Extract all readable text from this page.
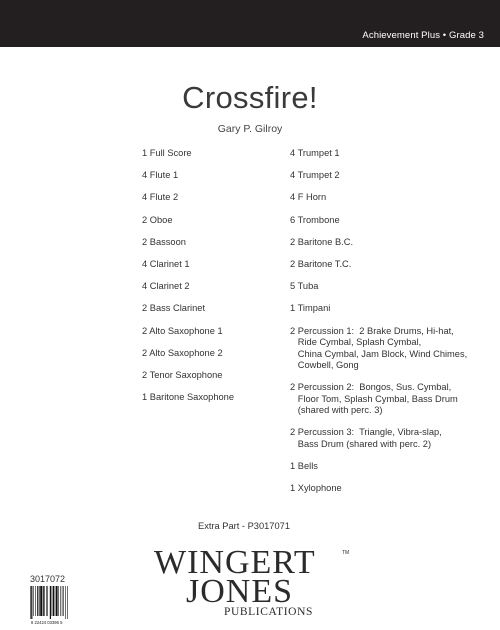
Achievement Plus • Grade 3
Crossfire!
Gary P. Gilroy
1 Full Score
4 Flute 1
4 Flute 2
2 Oboe
2 Bassoon
4 Clarinet 1
4 Clarinet 2
2 Bass Clarinet
2 Alto Saxophone 1
2 Alto Saxophone 2
2 Tenor Saxophone
1 Baritone Saxophone
4 Trumpet 1
4 Trumpet 2
4 F Horn
6 Trombone
2 Baritone B.C.
2 Baritone T.C.
5 Tuba
1 Timpani
2 Percussion 1:  2 Brake Drums, Hi-hat,
Ride Cymbal, Splash Cymbal,
China Cymbal, Jam Block, Wind Chimes,
Cowbell, Gong
2 Percussion 2:  Bongos, Sus. Cymbal,
Floor Tom, Splash Cymbal, Bass Drum
(shared with perc. 3)
2 Percussion 3:  Triangle, Vibra-slap,
Bass Drum (shared with perc. 2)
1 Bells
1 Xylophone
Extra Part - P3017071
WINGERT	TM
JONES
PUBLICATIONS
3017072
8 22424 03396 5
